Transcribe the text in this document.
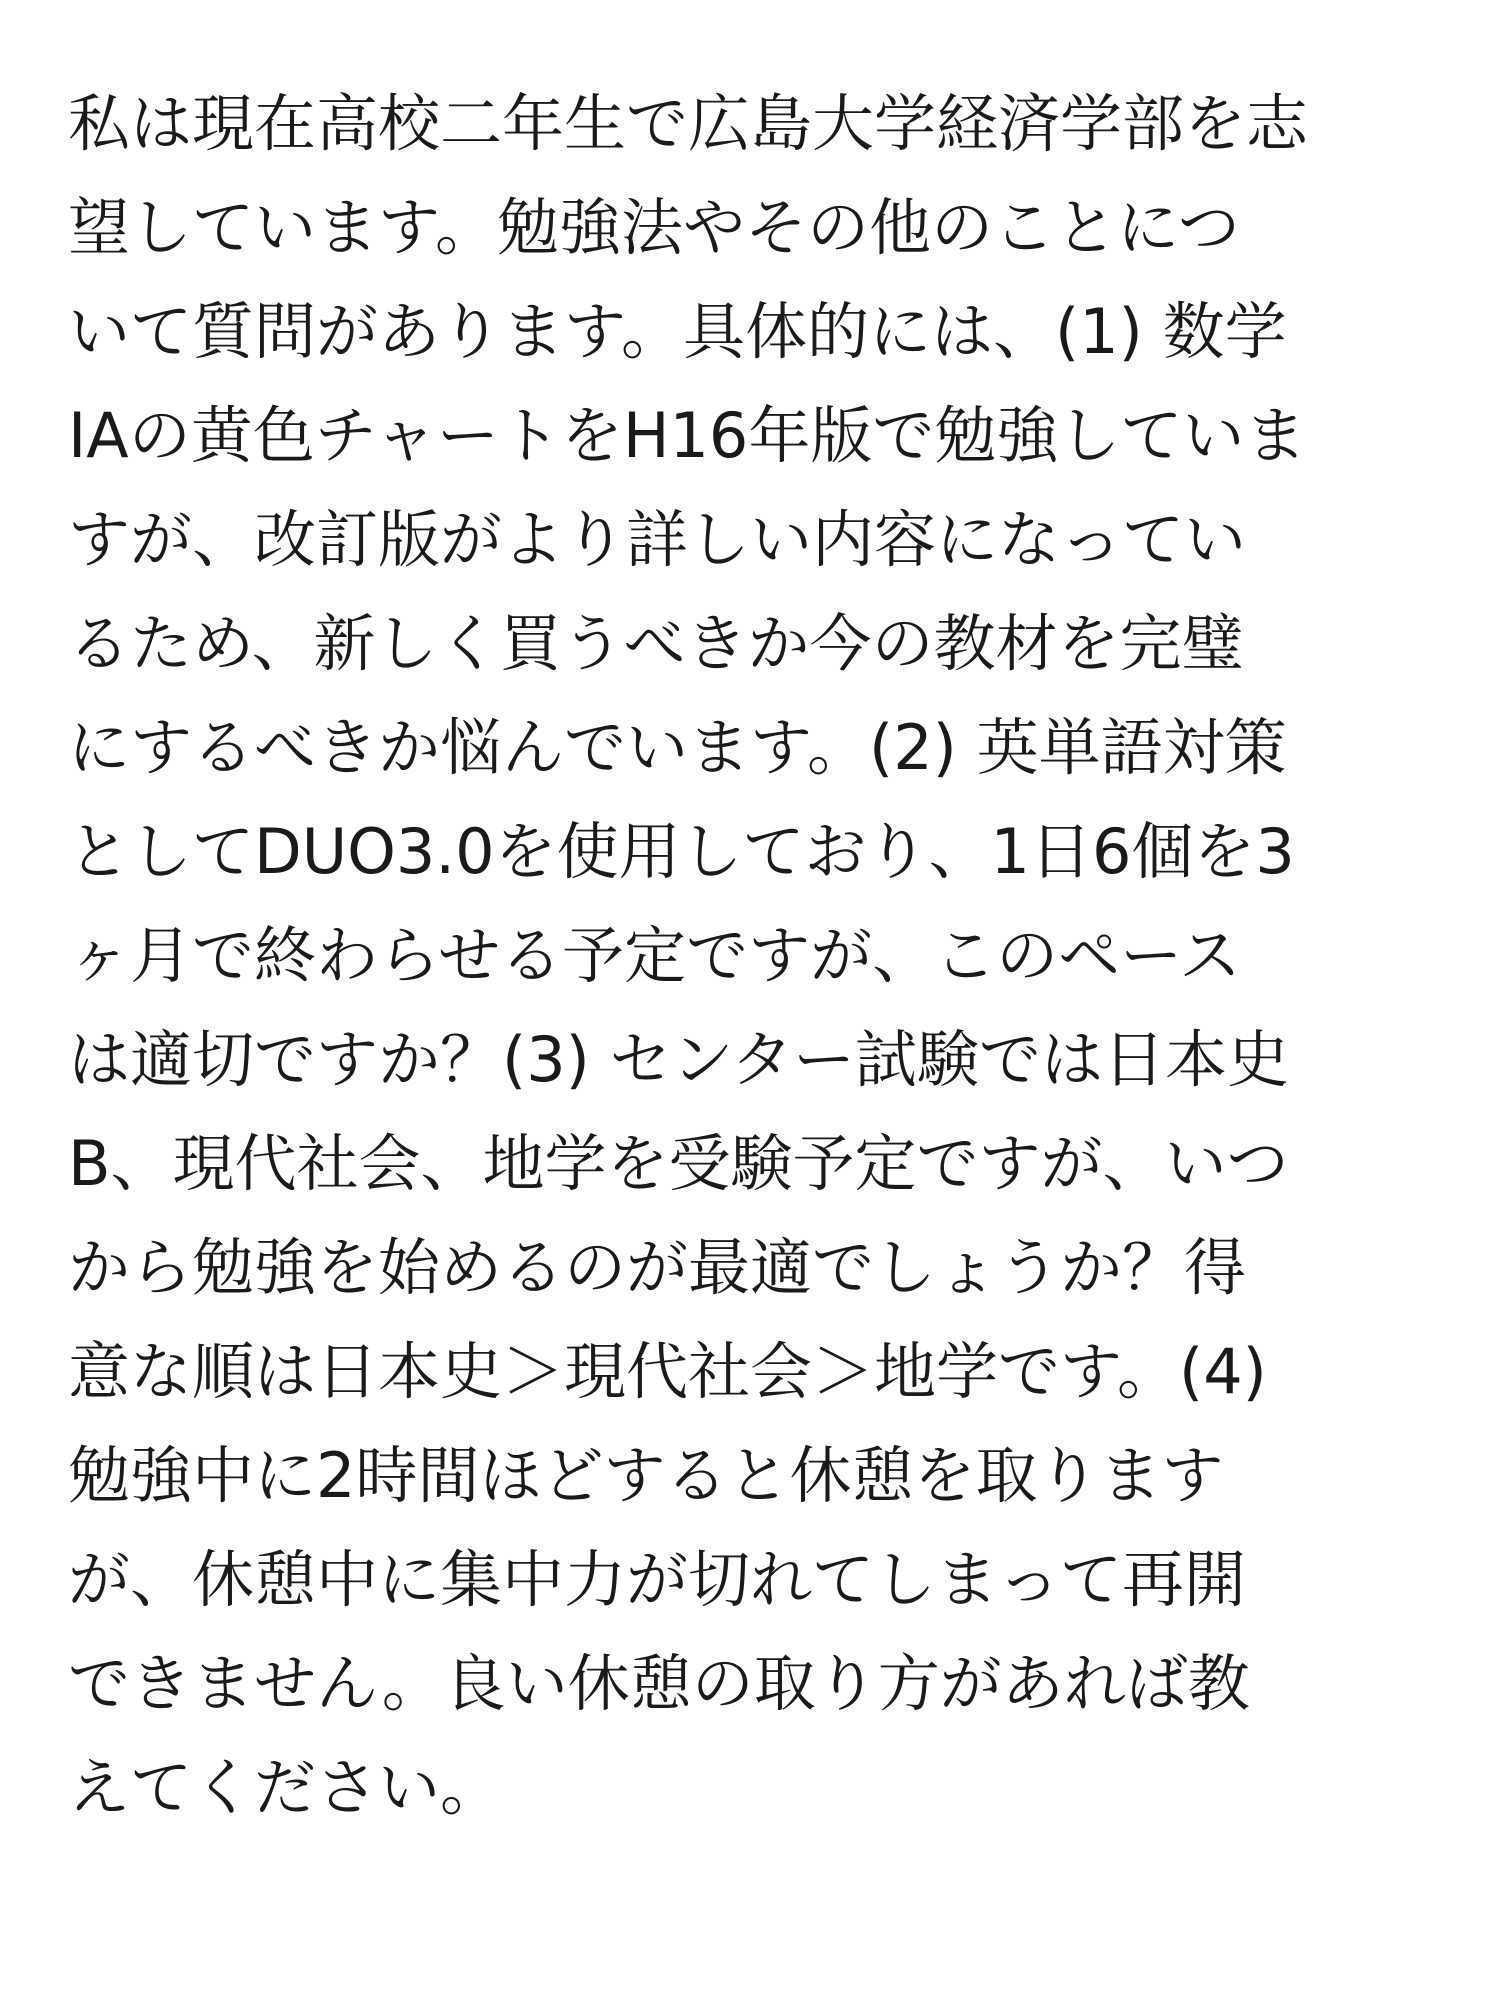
私は現在高校二年生で広島大学経済学部を志
望しています。勉強法やその他のことにつ
いて質問があります。具体的には、(1) 数学
IAの黄色チャートをH16年版で勉強していま
すが、改訂版がより詳しい内容になってい
るため、新しく買うべきか今の教材を完璧
にするべきか悩んでいます。(2) 英単語対策
としてDUO3.0を使用しており、1日6個を3
ヶ月で終わらせる予定ですが、このペース
は適切ですか？(3) センター試験では日本史
B、現代社会、地学を受験予定ですが、いつ
から勉強を始めるのが最適でしょうか？得
意な順は日本史＞現代社会＞地学です。(4)
勉強中に2時間ほどすると休憩を取ります
が、休憩中に集中力が切れてしまって再開
できません。良い休憩の取り方があれば教
えてください。
